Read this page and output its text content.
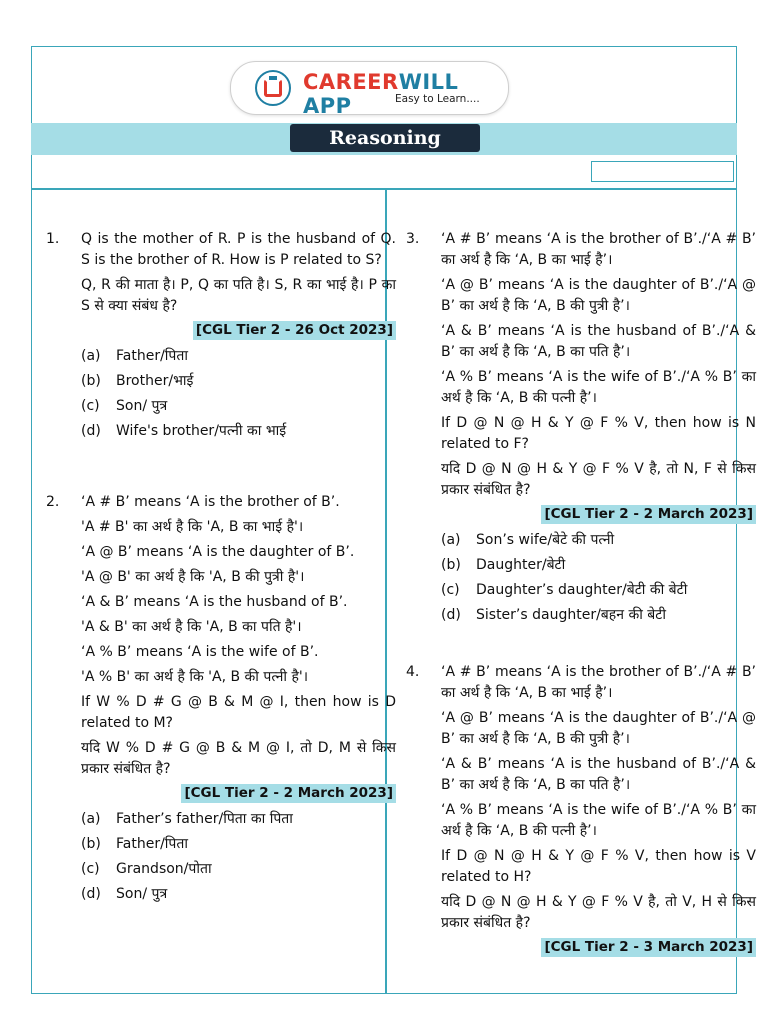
CAREERWILL APP	Easy to Learn....
Reasoning
1. Q is the mother of R. P is the husband of Q. S is the brother of R. How is P related to S?

Q, R की माता है। P, Q का पति है। S, R का भाई है। P का S से क्या संबंध है?

[CGL Tier 2 - 26 Oct 2023]
(a) Father/पिता
(b) Brother/भाई
(c) Son/ पुत्र
(d) Wife's brother/पत्नी का भाई
2. ‘A # B’ means ‘A is the brother of B’.

'A # B' का अर्थ है कि 'A, B का भाई है'।

‘A @ B’ means ‘A is the daughter of B’.

'A @ B' का अर्थ है कि 'A, B की पुत्री है'।

‘A & B’ means ‘A is the husband of B’.

'A & B' का अर्थ है कि 'A, B का पति है'।

‘A % B’ means ‘A is the wife of B’.

'A % B' का अर्थ है कि 'A, B की पत्नी है'।

If W % D # G @ B & M @ I, then how is D related to M?

यदि W % D # G @ B & M @ I, तो D, M से किस प्रकार संबंधित है?

[CGL Tier 2 - 2 March 2023]
(a) Father’s father/पिता का पिता
(b) Father/पिता
(c) Grandson/पोता
(d) Son/ पुत्र
3. ‘A # B’ means ‘A is the brother of B’./‘A # B’ का अर्थ है कि ‘A, B का भाई है’।

‘A @ B’ means ‘A is the daughter of B’./‘A @ B’ का अर्थ है कि ‘A, B की पुत्री है’।

‘A & B’ means ‘A is the husband of B’./‘A & B’ का अर्थ है कि ‘A, B का पति है’।

‘A % B’ means ‘A is the wife of B’./‘A % B’ का अर्थ है कि ‘A, B की पत्नी है’।

If D @ N @ H & Y @ F % V, then how is N related to F?

यदि D @ N @ H & Y @ F % V है, तो N, F से किस प्रकार संबंधित है?

[CGL Tier 2 - 2 March 2023]
(a) Son’s wife/बेटे की पत्नी
(b) Daughter/बेटी
(c) Daughter’s daughter/बेटी की बेटी
(d) Sister’s daughter/बहन की बेटी
4. ‘A # B’ means ‘A is the brother of B’./‘A # B’ का अर्थ है कि ‘A, B का भाई है’।

‘A @ B’ means ‘A is the daughter of B’./‘A @ B’ का अर्थ है कि ‘A, B की पुत्री है’।

‘A & B’ means ‘A is the husband of B’./‘A & B’ का अर्थ है कि ‘A, B का पति है’।

‘A % B’ means ‘A is the wife of B’./‘A % B’ का अर्थ है कि ‘A, B की पत्नी है’।

If D @ N @ H & Y @ F % V, then how is V related to H?

यदि D @ N @ H & Y @ F % V है, तो V, H से किस प्रकार संबंधित है?

[CGL Tier 2 - 3 March 2023]
